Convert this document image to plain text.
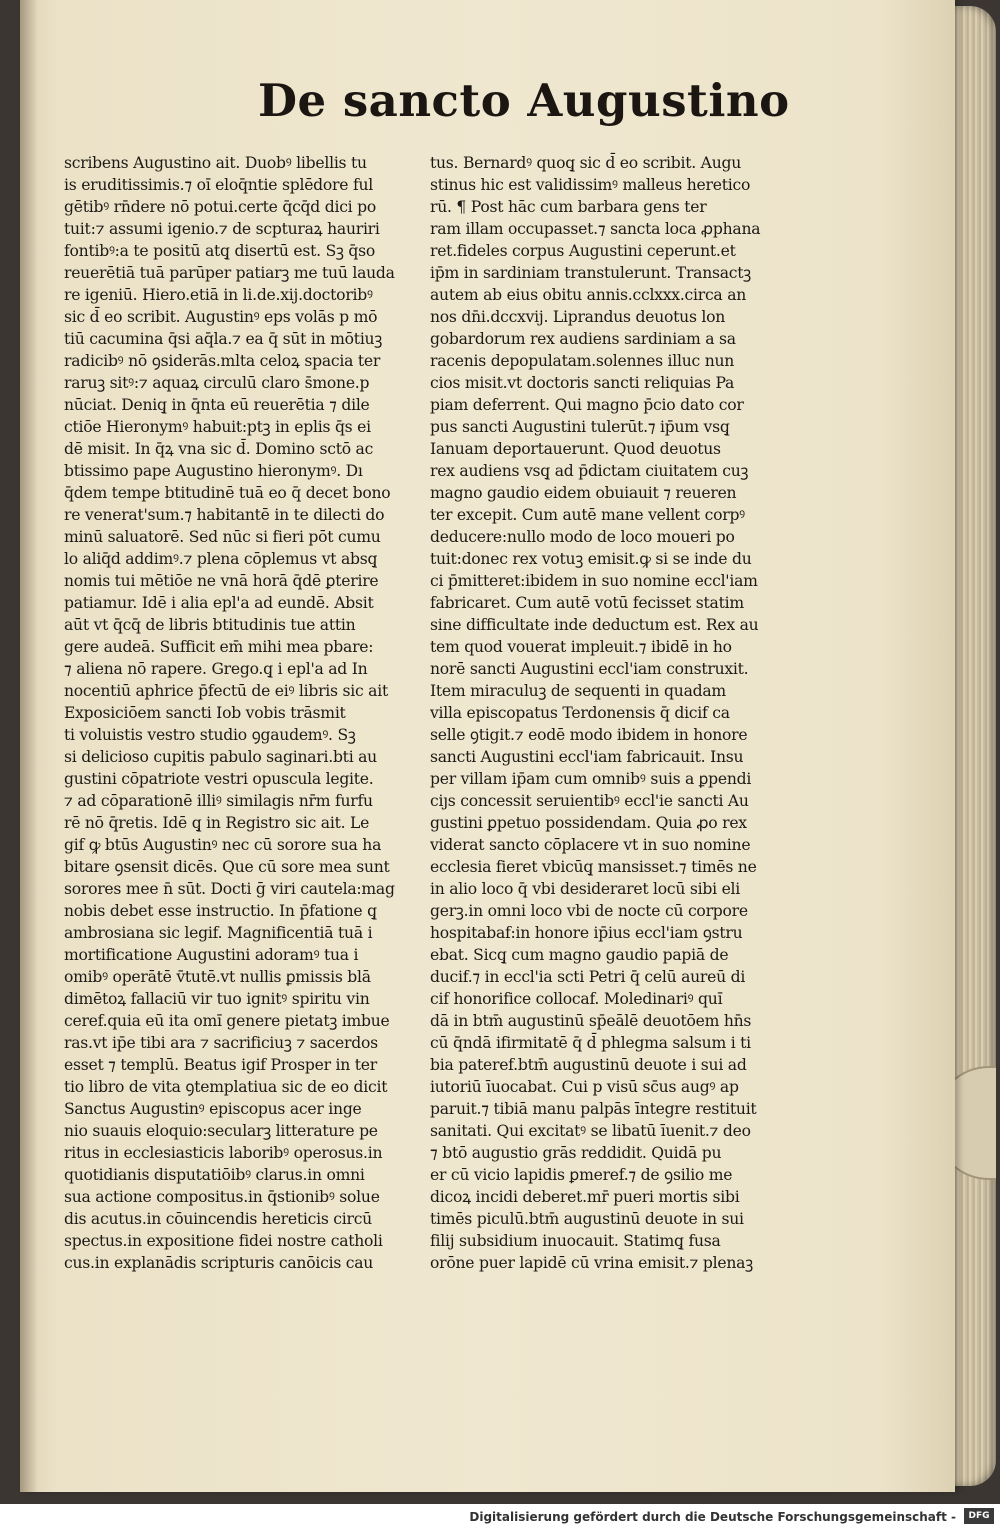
De sancto Augustino
scribens Augustino ait. Duobꝰ libellis tu
is eruditissimis.⁊ oı̄ eloq̄ntie splēdore ful
gētibꝰ rn̄dere nō potui.certe q̄cq̄d dici po
tuit:⁊ assumi igenio.⁊ de scpturaꝝ hauriri
fontibꝰ:a te positū atq̧ disertū est. Sꝫ q̄so
reuerētiā tuā parūper patiarꝫ me tuū lauda
re igeniū. Hiero.etiā in li.de.xij.doctoribꝰ
sic d̄ eo scribit. Augustinꝰ eps volās p mō
tiū cacumina q̄si aq̄la.⁊ ea q̄ sūt in mōtiuꝫ
radicibꝰ nō ꝯsiderās.mlta celoꝝ spacia ter
raruꝫ sitꝰ:⁊ aquaꝝ circulū claro s̄mone.p
nūciat. Deniq̧ in q̄nta eū reuerētia ⁊ dile
ctiōe Hieronymꝰ habuit:ptꝫ in eplis q̄s ei
dē misit. In q̄ꝝ vna sic d̄. Domino sctō ac
btissimo pape Augustino hieronymꝰ. Dı
q̄dem tempe btitudinē tuā eo q̄ decet bono
re venerat'sum.⁊ habitantē in te dilecti do
minū saluatorē. Sed nūc si fieri pōt cumu
lo aliq̄d addimꝰ.⁊ plena cōplemus vt absq̧
nomis tui mētiōe ne vnā horā q̄dē ꝑterire
patiamur. Idē i alia epl'a ad eundē. Absit
aūt vt q̄cq̄ de libris btitudinis tue attin
gere audeā. Sufficit em̄ mihi mea pbare:
⁊ aliena nō rapere. Grego.q̧ i epl'a ad In
nocentiū aphrice p̄fectū de eiꝰ libris sic ait
Exposiciōem sancti Iob vobis trāsmit
ti voluistis vestro studio ꝯgaudemꝰ. Sꝫ
si delicioso cupitis pabulo saginari.bti au
gustini cōpatriote vestri opuscula legite.
⁊ ad cōparationē illiꝰ similagis nr̄m furfu
rē nō q̄retis. Idē q̧ in Registro sic ait. Le
gif ꝙ btūs Augustinꝰ nec cū sorore sua ha
bitare ꝯsensit dicēs. Que cū sore mea sunt
sorores mee n̄ sūt. Docti ḡ viri cautela:mag
nobis debet esse instructio. In p̄fatione q̧
ambrosiana sic legif. Magnificentiā tuā i
mortificatione Augustini adoramꝰ tua i
omibꝰ operātē v̄tutē.vt nullis ꝑmissis blā
dimētoꝝ fallaciū vir tuo ignitꝰ spiritu vin
ceref.quia eū ita omı̄ genere pietatꝫ imbue
ras.vt ip̄e tibi ara ⁊ sacrificiuꝫ ⁊ sacerdos
esset ⁊ templū. Beatus igif Prosper in ter
tio libro de vita ꝯtemplatiua sic de eo dicit
Sanctus Augustinꝰ episcopus acer inge
nio suauis eloquio:secularꝫ litterature pe
ritus in ecclesiasticis laboribꝰ operosus.in
quotidianis disputatiōibꝰ clarus.in omni
sua actione compositus.in q̄stionibꝰ solue
dis acutus.in cōuincendis hereticis circū
spectus.in expositione fidei nostre catholi
cus.in explanādis scripturis canōicis cau
tus. Bernardꝰ quoq̧ sic d̄ eo scribit. Augu
stinus hic est validissimꝰ malleus heretico
rū. ¶ Post hāc cum barbara gens ter
ram illam occupasset.⁊ sancta loca ꝓphana
ret.fideles corpus Augustini ceperunt.et
ip̄m in sardiniam transtulerunt. Transactꝫ
autem ab eius obitu annis.cclxxx.circa an
nos dn̄i.dccxvij. Liprandus deuotus lon
gobardorum rex audiens sardiniam a sa
racenis depopulatam.solennes illuc nun
cios misit.vt doctoris sancti reliquias Pa
piam deferrent. Qui magno p̄cio dato cor
pus sancti Augustini tulerūt.⁊ ip̄um vsq̧
Ianuam deportauerunt. Quod deuotus
rex audiens vsq̧ ad p̄dictam ciuitatem cuꝫ
magno gaudio eidem obuiauit ⁊ reueren
ter excepit. Cum autē mane vellent corpꝰ
deducere:nullo modo de loco moueri po
tuit:donec rex votuꝫ emisit.ꝙ si se inde du
ci p̄mitteret:ibidem in suo nomine eccl'iam
fabricaret. Cum autē votū fecisset statim
sine difficultate inde deductum est. Rex au
tem quod vouerat impleuit.⁊ ibidē in ho
norē sancti Augustini eccl'iam construxit.
Item miraculuꝫ de sequenti in quadam
villa episcopatus Terdonensis q̄ dicif ca
selle ꝯtigit.⁊ eodē modo ibidem in honore
sancti Augustini eccl'iam fabricauit. Insu
per villam ip̄am cum omnibꝰ suis a ꝑpendi
ciȷs concessit seruientibꝰ eccl'ie sancti Au
gustini ꝑpetuo possidendam. Quia ꝓo rex
viderat sancto cōplacere vt in suo nomine
ecclesia fieret vbicūq̧ mansisset.⁊ timēs ne
in alio loco q̄ vbi desideraret locū sibi eli
gerꝫ.in omni loco vbi de nocte cū corpore
hospitabaf:in honore ip̄ius eccl'iam ꝯstru
ebat. Sicq̧ cum magno gaudio papiā de
ducif.⁊ in eccl'ia scti Petri q̄ celū aureū di
cif honorifice collocaf. Moledinariꝰ quı̄
dā in btm̄ augustinū sp̄eālē deuotōem hn̄s
cū q̄ndā ifirmitatē q̄ d̄ phlegma salsum i ti
bia pateref.btm̄ augustinū deuote i sui ad
iutoriū īuocabat. Cui p visū sc̄us augꝰ ap
paruit.⁊ tibiā manu palpās īntegre restituit
sanitati. Qui excitatꝰ se libatū īuenit.⁊ deo
⁊ btō augustio grās reddidit. Quidā pu
er cū vicio lapidis ꝑmeref.⁊ de ꝯsilio me
dicoꝝ incidi deberet.mr̄ pueri mortis sibi
timēs piculū.btm̄ augustinū deuote in sui
filij subsidium inuocauit. Statimq̧ fusa
orōne puer lapidē cū vrina emisit.⁊ plenaꝫ
Digitalisierung gefördert durch die Deutsche Forschungsgemeinschaft -	DFG
